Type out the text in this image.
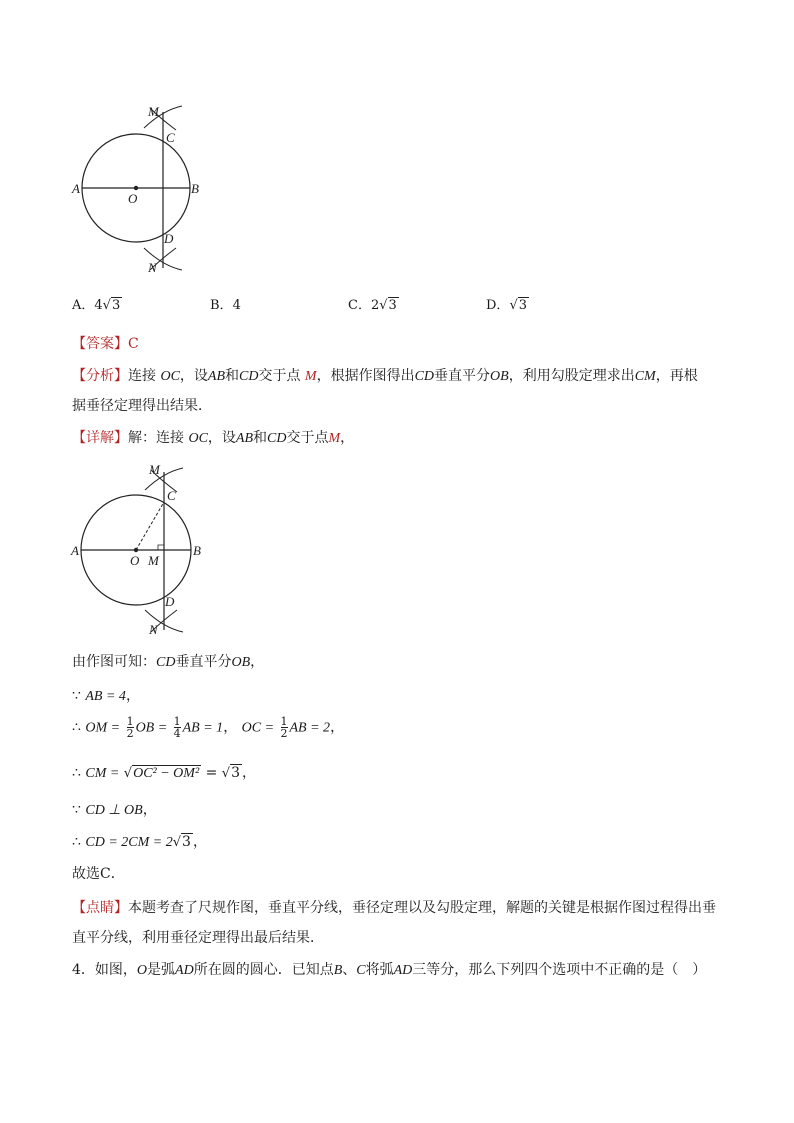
A	B
O
C
D
M
N
A．4√3	B．4	C．2√3	D．√3
【答案】C
【分析】连接 OC，设AB和CD交于点 M，根据作图得出CD垂直平分OB，利用勾股定理求出CM，再根
据垂径定理得出结果．
【详解】解：连接 OC，设AB和CD交于点M，
A	B
O M
C
D
M
N
由作图可知：CD垂直平分OB，
∵ AB = 4，
∴ OM = $\frac{1}{2}$ OB = $\frac{1}{4}$ AB = 1， OC = $\frac{1}{2}$ AB = 2，
∴ CM = √OC² − OM² = √3 ，
∵ CD ⊥ OB，
∴ CD = 2CM = 2√3 ，
故选C．
【点睛】本题考查了尺规作图，垂直平分线，垂径定理以及勾股定理，解题的关键是根据作图过程得出垂
直平分线，利用垂径定理得出最后结果．
4．如图，O是弧AD所在圆的圆心．已知点B、C将弧AD三等分，那么下列四个选项中不正确的是（　）
